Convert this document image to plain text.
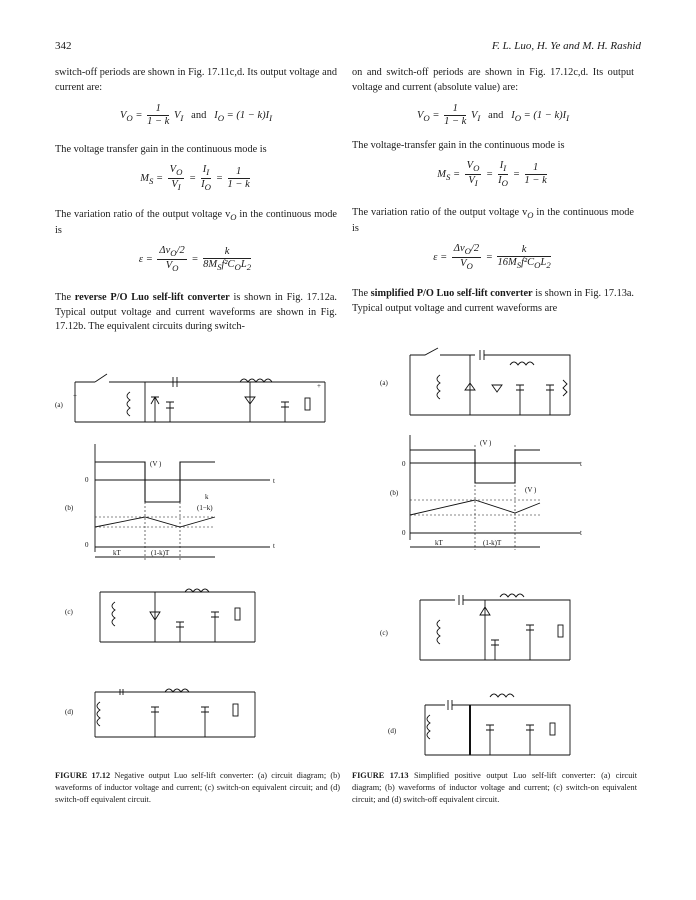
342	F. L. Luo, H. Ye and M. H. Rashid

switch-off periods are shown in Fig. 17.11c,d. Its output voltage and current are:

$V_O = \frac{1}{1 - k} V_I$ and $I_O = (1 - k)I_I$

The voltage transfer gain in the continuous mode is

$M_S = \frac{V_O}{V_I} = \frac{I_I}{I_O} = \frac{1}{1 - k}$

The variation ratio of the output voltage $v_O$ in the continuous mode is

ε =
$\Delta v_O/2$
$V_O$
=
k
$8M_Sf^2C_OL_2$

The reverse P/O Luo self-lift converter is shown in Fig. 17.12a. Typical output voltage and current waveforms are shown in Fig. 17.12b. The equivalent circuits during switch-

on and switch-off periods are shown in Fig. 17.12c,d. Its output voltage and current (absolute value) are:

$V_O = \frac{1}{1 - k} V_I$ and $I_O = (1 - k)I_I$

The voltage-transfer gain in the continuous mode is

$M_S = \frac{V_O}{V_I} = \frac{I_I}{I_O} = \frac{1}{1 - k}$

The variation ratio of the output voltage $v_O$ in the continuous mode is

ε =
$\Delta v_O/2$
$V_O$
=
k
$16M_Sf^2C_OL_2$

The simplified P/O Luo self-lift converter is shown in Fig. 17.13a. Typical output voltage and current waveforms are

(a)
+
+
(b)
0
0
t
t
(V )
k
(1−k)
kT	(1-k)T
(c)
(d)
(a)
(b)
0
0
t
t
(V )
(V )
kT	(1-k)T
(c)
(d)
FIGURE 17.12 Negative output Luo self-lift converter: (a) circuit diagram; (b) waveforms of inductor voltage and current; (c) switch-on equivalent circuit; and (d) switch-off equivalent circuit.
FIGURE 17.13 Simplified positive output Luo self-lift converter: (a) circuit diagram; (b) waveforms of inductor voltage and current; (c) switch-on equivalent circuit; and (d) switch-off equivalent circuit.
